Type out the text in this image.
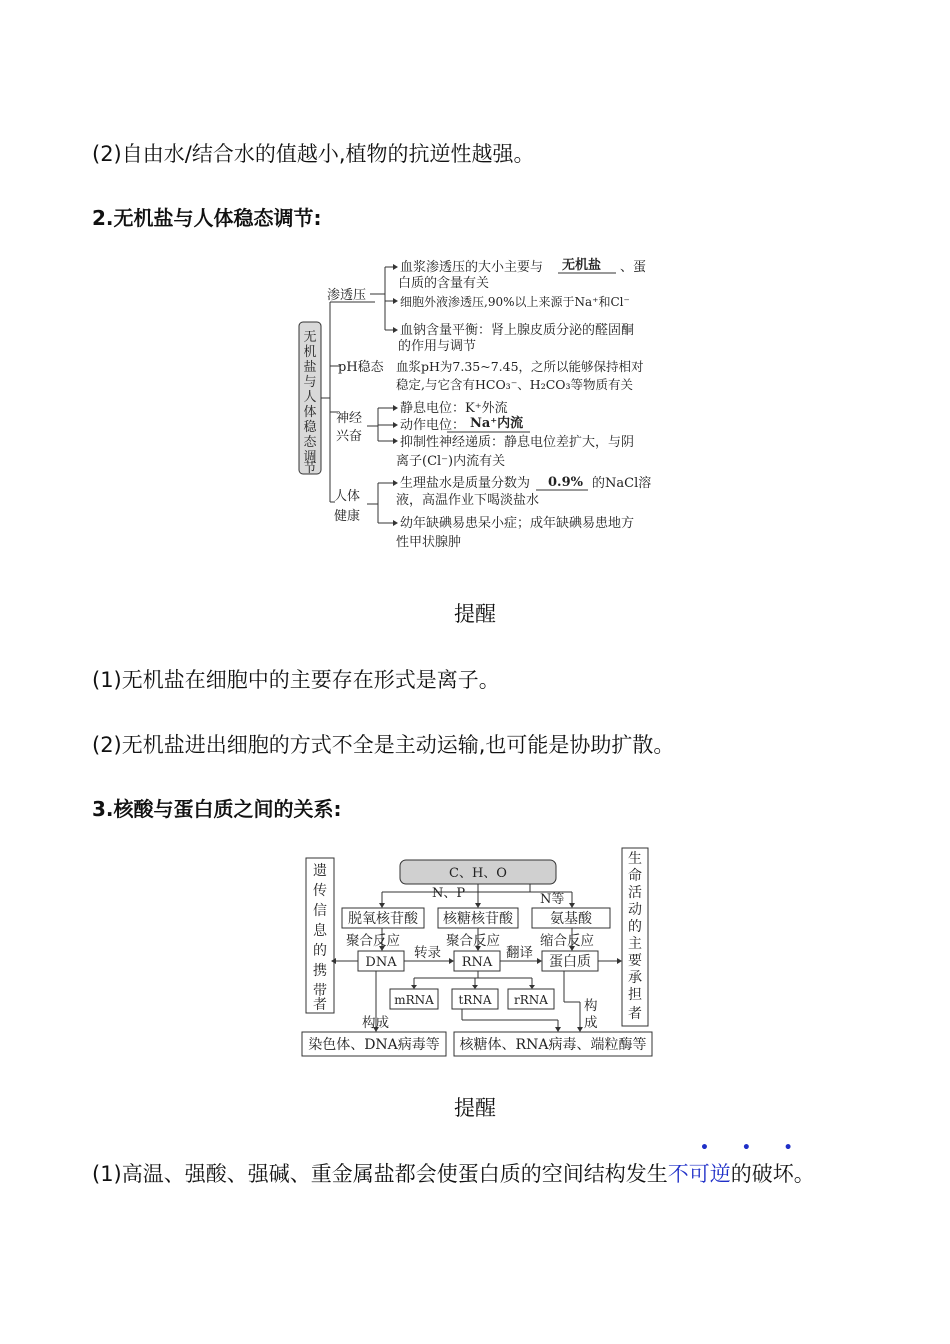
(2)自由水/结合水的值越小,植物的抗逆性越强。
2.无机盐与人体稳态调节:
无
机
盐
与
人
体
稳
态
调
节
渗透压
血浆渗透压的大小主要与 无机盐 、蛋
白质的含量有关
细胞外液渗透压,90%以上来源于Na⁺和Cl⁻
血钠含量平衡：肾上腺皮质分泌的醛固酮
的作用与调节
pH稳态 血浆pH为7.35~7.45，之所以能够保持相对
稳定,与它含有HCO₃⁻、H₂CO₃等物质有关
神经
兴奋
静息电位：K⁺外流
动作电位： Na⁺内流
抑制性神经递质：静息电位差扩大，与阴
离子(Cl⁻)内流有关
人体
健康
生理盐水是质量分数为 0.9% 的NaCl溶
液，高温作业下喝淡盐水
幼年缺碘易患呆小症；成年缺碘易患地方
性甲状腺肿
提醒
(1)无机盐在细胞中的主要存在形式是离子。
(2)无机盐进出细胞的方式不全是主动运输,也可能是协助扩散。
3.核酸与蛋白质之间的关系:
遗
传
信
息
的
携
带
者
生
命
活
动
的
主
要
承
担
者
C、H、O
N、P	N等
脱氧核苷酸 核糖核苷酸	氨基酸
聚合反应	聚合反应	缩合反应
DNA	RNA	蛋白质
转录	翻译
mRNA tRNA rRNA
构成
构
成
染色体、DNA病毒等 核糖体、RNA病毒、端粒酶等
提醒
• • •
(1)高温、强酸、强碱、重金属盐都会使蛋白质的空间结构发生不可逆的破坏。
